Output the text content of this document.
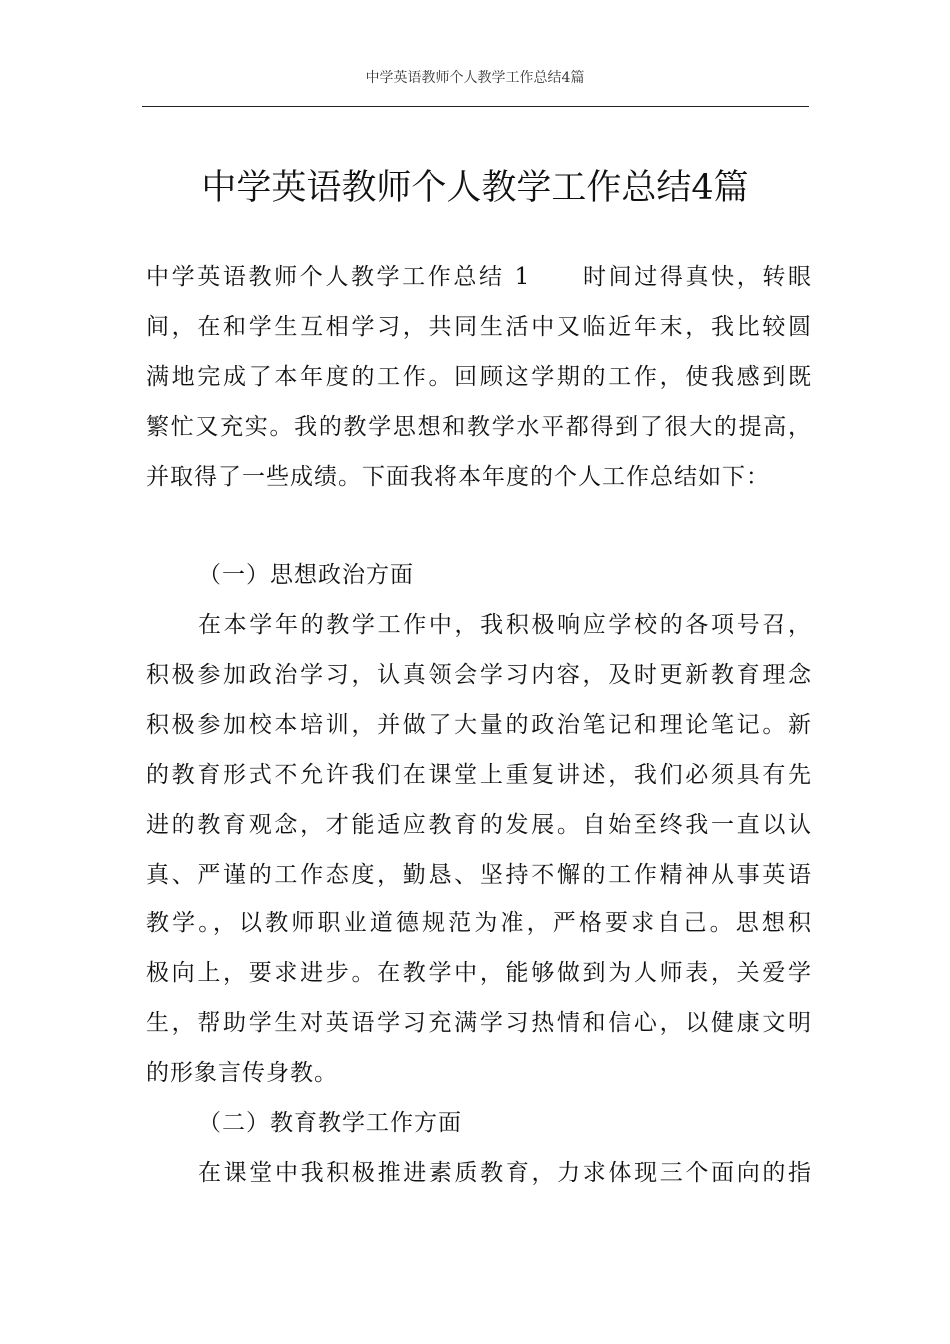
中学英语教师个人教学工作总结4篇
中学英语教师个人教学工作总结4篇
中学英语教师个人教学工作总结 1　　时间过得真快，转眼
间，在和学生互相学习，共同生活中又临近年末，我比较圆
满地完成了本年度的工作。回顾这学期的工作，使我感到既
繁忙又充实。我的教学思想和教学水平都得到了很大的提高，
并取得了一些成绩。下面我将本年度的个人工作总结如下：
（一）思想政治方面
在本学年的教学工作中，我积极响应学校的各项号召，
积极参加政治学习，认真领会学习内容，及时更新教育理念
积极参加校本培训，并做了大量的政治笔记和理论笔记。新
的教育形式不允许我们在课堂上重复讲述，我们必须具有先
进的教育观念，才能适应教育的发展。自始至终我一直以认
真、严谨的工作态度，勤恳、坚持不懈的工作精神从事英语
教学。，以教师职业道德规范为准，严格要求自己。思想积
极向上，要求进步。在教学中，能够做到为人师表，关爱学
生，帮助学生对英语学习充满学习热情和信心，以健康文明
的形象言传身教。
（二）教育教学工作方面
在课堂中我积极推进素质教育，力求体现三个面向的指
